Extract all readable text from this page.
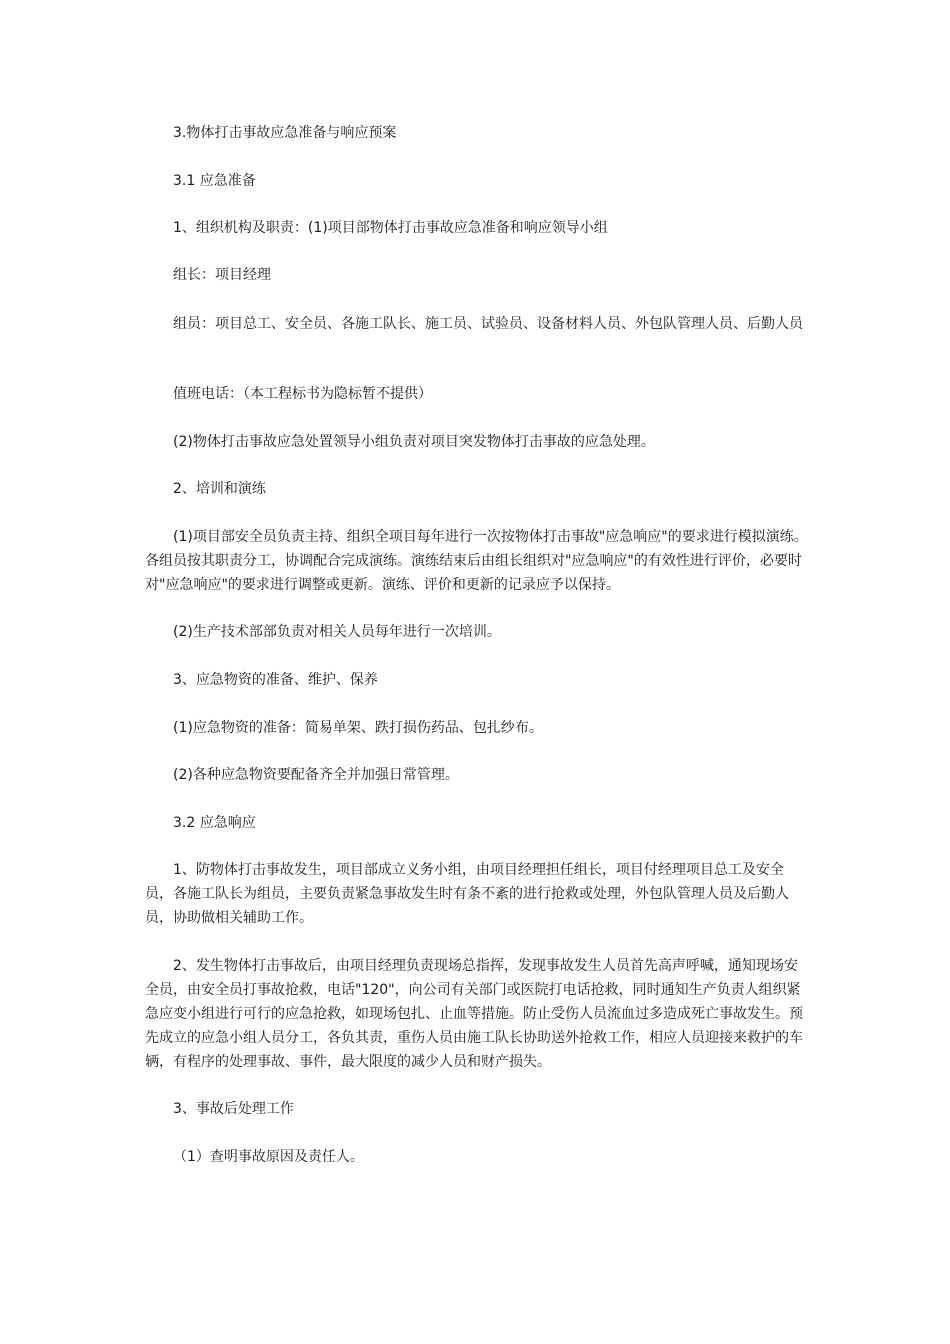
3.物体打击事故应急准备与响应预案

3.1 应急准备

1、组织机构及职责：(1)项目部物体打击事故应急准备和响应领导小组

组长：项目经理

组员：项目总工、安全员、各施工队长、施工员、试验员、设备材料人员、外包队管理人员、后勤人员

值班电话：（本工程标书为隐标暂不提供）

(2)物体打击事故应急处置领导小组负责对项目突发物体打击事故的应急处理。

2、培训和演练

(1)项目部安全员负责主持、组织全项目每年进行一次按物体打击事故"应急响应"的要求进行模拟演练。各组员按其职责分工，协调配合完成演练。演练结束后由组长组织对"应急响应"的有效性进行评价，必要时对"应急响应"的要求进行调整或更新。演练、评价和更新的记录应予以保持。

(2)生产技术部部负责对相关人员每年进行一次培训。

3、应急物资的准备、维护、保养

(1)应急物资的准备：简易单架、跌打损伤药品、包扎纱布。

(2)各种应急物资要配备齐全并加强日常管理。

3.2 应急响应

1、防物体打击事故发生，项目部成立义务小组，由项目经理担任组长，项目付经理项目总工及安全员，各施工队长为组员，主要负责紧急事故发生时有条不紊的进行抢救或处理，外包队管理人员及后勤人员，协助做相关辅助工作。

2、发生物体打击事故后，由项目经理负责现场总指挥，发现事故发生人员首先高声呼喊，通知现场安全员，由安全员打事故抢救，电话"120"，向公司有关部门或医院打电话抢救，同时通知生产负责人组织紧急应变小组进行可行的应急抢救，如现场包扎、止血等措施。防止受伤人员流血过多造成死亡事故发生。预先成立的应急小组人员分工，各负其责，重伤人员由施工队长协助送外抢救工作，相应人员迎接来救护的车辆，有程序的处理事故、事件，最大限度的减少人员和财产损失。

3、事故后处理工作

（1）查明事故原因及责任人。
